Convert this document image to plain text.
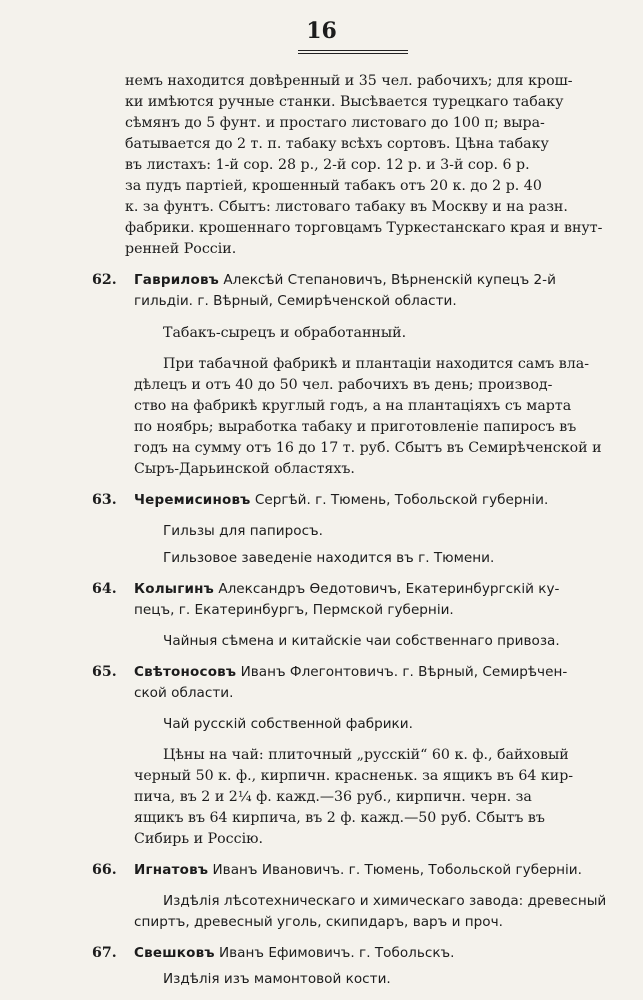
16
немъ находится довѣренный и 35 чел. рабочихъ; для крош-
ки имѣются ручные станки. Высѣвается турецкаго табаку
сѣмянъ до 5 фунт. и простаго листоваго до 100 п; выра-
батывается до 2 т. п. табаку всѣхъ сортовъ. Цѣна табаку
въ листахъ: 1-й сор. 28 р., 2-й сор. 12 р. и 3-й сор. 6 р.
за пудъ партіей, крошенный табакъ отъ 20 к. до 2 р. 40
к. за фунтъ. Сбытъ: листоваго табаку въ Москву и на разн.
фабрики. крошеннаго торговцамъ Туркестанскаго края и внут-
ренней Россіи.
62. Гавриловъ Алексѣй Степановичъ, Вѣрненскій купецъ 2-й
гильдіи. г. Вѣрный, Семирѣченской области.
Табакъ-сырецъ и обработанный.
При табачной фабрикѣ и плантаціи находится самъ вла-
дѣлецъ и отъ 40 до 50 чел. рабочихъ въ день; производ-
ство на фабрикѣ круглый годъ, а на плантаціяхъ съ марта
по ноябрь; выработка табаку и приготовленіе папиросъ въ
годъ на сумму отъ 16 до 17 т. руб. Сбытъ въ Семирѣченской и
Сыръ-Дарьинской областяхъ.
63. Черемисиновъ Сергѣй. г. Тюмень, Тобольской губерніи.
Гильзы для папиросъ.
Гильзовое заведеніе находится въ г. Тюмени.
64. Колыгинъ Александръ Ѳедотовичъ, Екатеринбургскій ку-
пецъ, г. Екатеринбургъ, Пермской губерніи.
Чайныя сѣмена и китайскіе чаи собственнаго привоза.
65. Свѣтоносовъ Иванъ Флегонтовичъ. г. Вѣрный, Семирѣчен-
ской области.
Чай русскій собственной фабрики.
Цѣны на чай: плиточный „русскій“ 60 к. ф., байховый
черный 50 к. ф., кирпичн. красненьк. за ящикъ въ 64 кир-
пича, въ 2 и 2¼ ф. кажд.—36 руб., кирпичн. черн. за
ящикъ въ 64 кирпича, въ 2 ф. кажд.—50 руб. Сбытъ въ
Сибирь и Россію.
66. Игнатовъ Иванъ Ивановичъ. г. Тюмень, Тобольской губерніи.
Издѣлія лѣсотехническаго и химическаго завода: древесный
спиртъ, древесный уголь, скипидаръ, варъ и проч.
67. Свешковъ Иванъ Ефимовичъ. г. Тобольскъ.
Издѣлія изъ мамонтовой кости.
